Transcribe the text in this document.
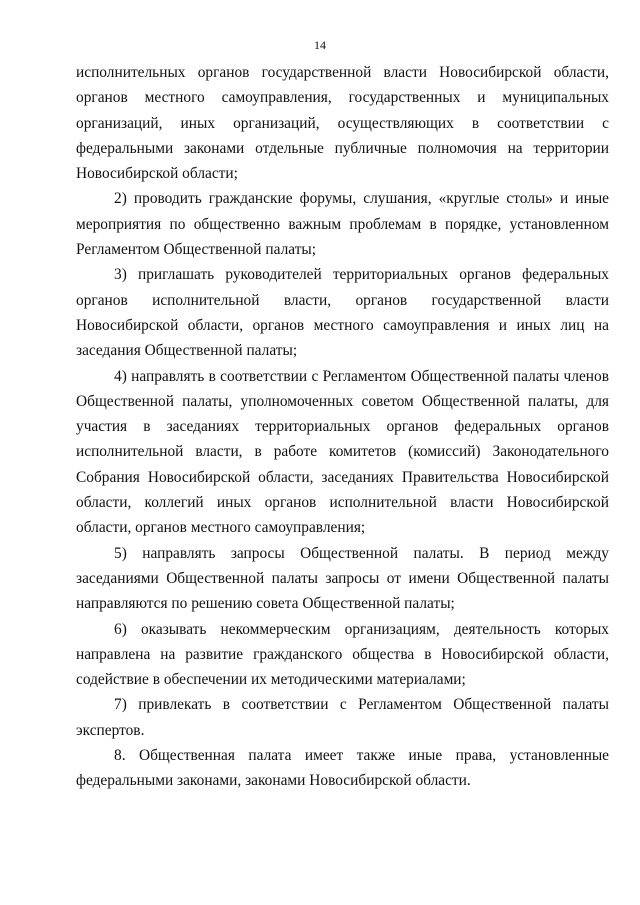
14

исполнительных органов государственной власти Новосибирской области, органов местного самоуправления, государственных и муниципальных организаций, иных организаций, осуществляющих в соответствии с федеральными законами отдельные публичные полномочия на территории Новосибирской области;

2) проводить гражданские форумы, слушания, «круглые столы» и иные мероприятия по общественно важным проблемам в порядке, установленном Регламентом Общественной палаты;

3) приглашать руководителей территориальных органов федеральных органов исполнительной власти, органов государственной власти Новосибирской области, органов местного самоуправления и иных лиц на заседания Общественной палаты;

4) направлять в соответствии с Регламентом Общественной палаты членов Общественной палаты, уполномоченных советом Общественной палаты, для участия в заседаниях территориальных органов федеральных органов исполнительной власти, в работе комитетов (комиссий) Законодательного Собрания Новосибирской области, заседаниях Правительства Новосибирской области, коллегий иных органов исполнительной власти Новосибирской области, органов местного самоуправления;

5) направлять запросы Общественной палаты. В период между заседаниями Общественной палаты запросы от имени Общественной палаты направляются по решению совета Общественной палаты;

6) оказывать некоммерческим организациям, деятельность которых направлена на развитие гражданского общества в Новосибирской области, содействие в обеспечении их методическими материалами;

7) привлекать в соответствии с Регламентом Общественной палаты экспертов.

8. Общественная палата имеет также иные права, установленные федеральными законами, законами Новосибирской области.
